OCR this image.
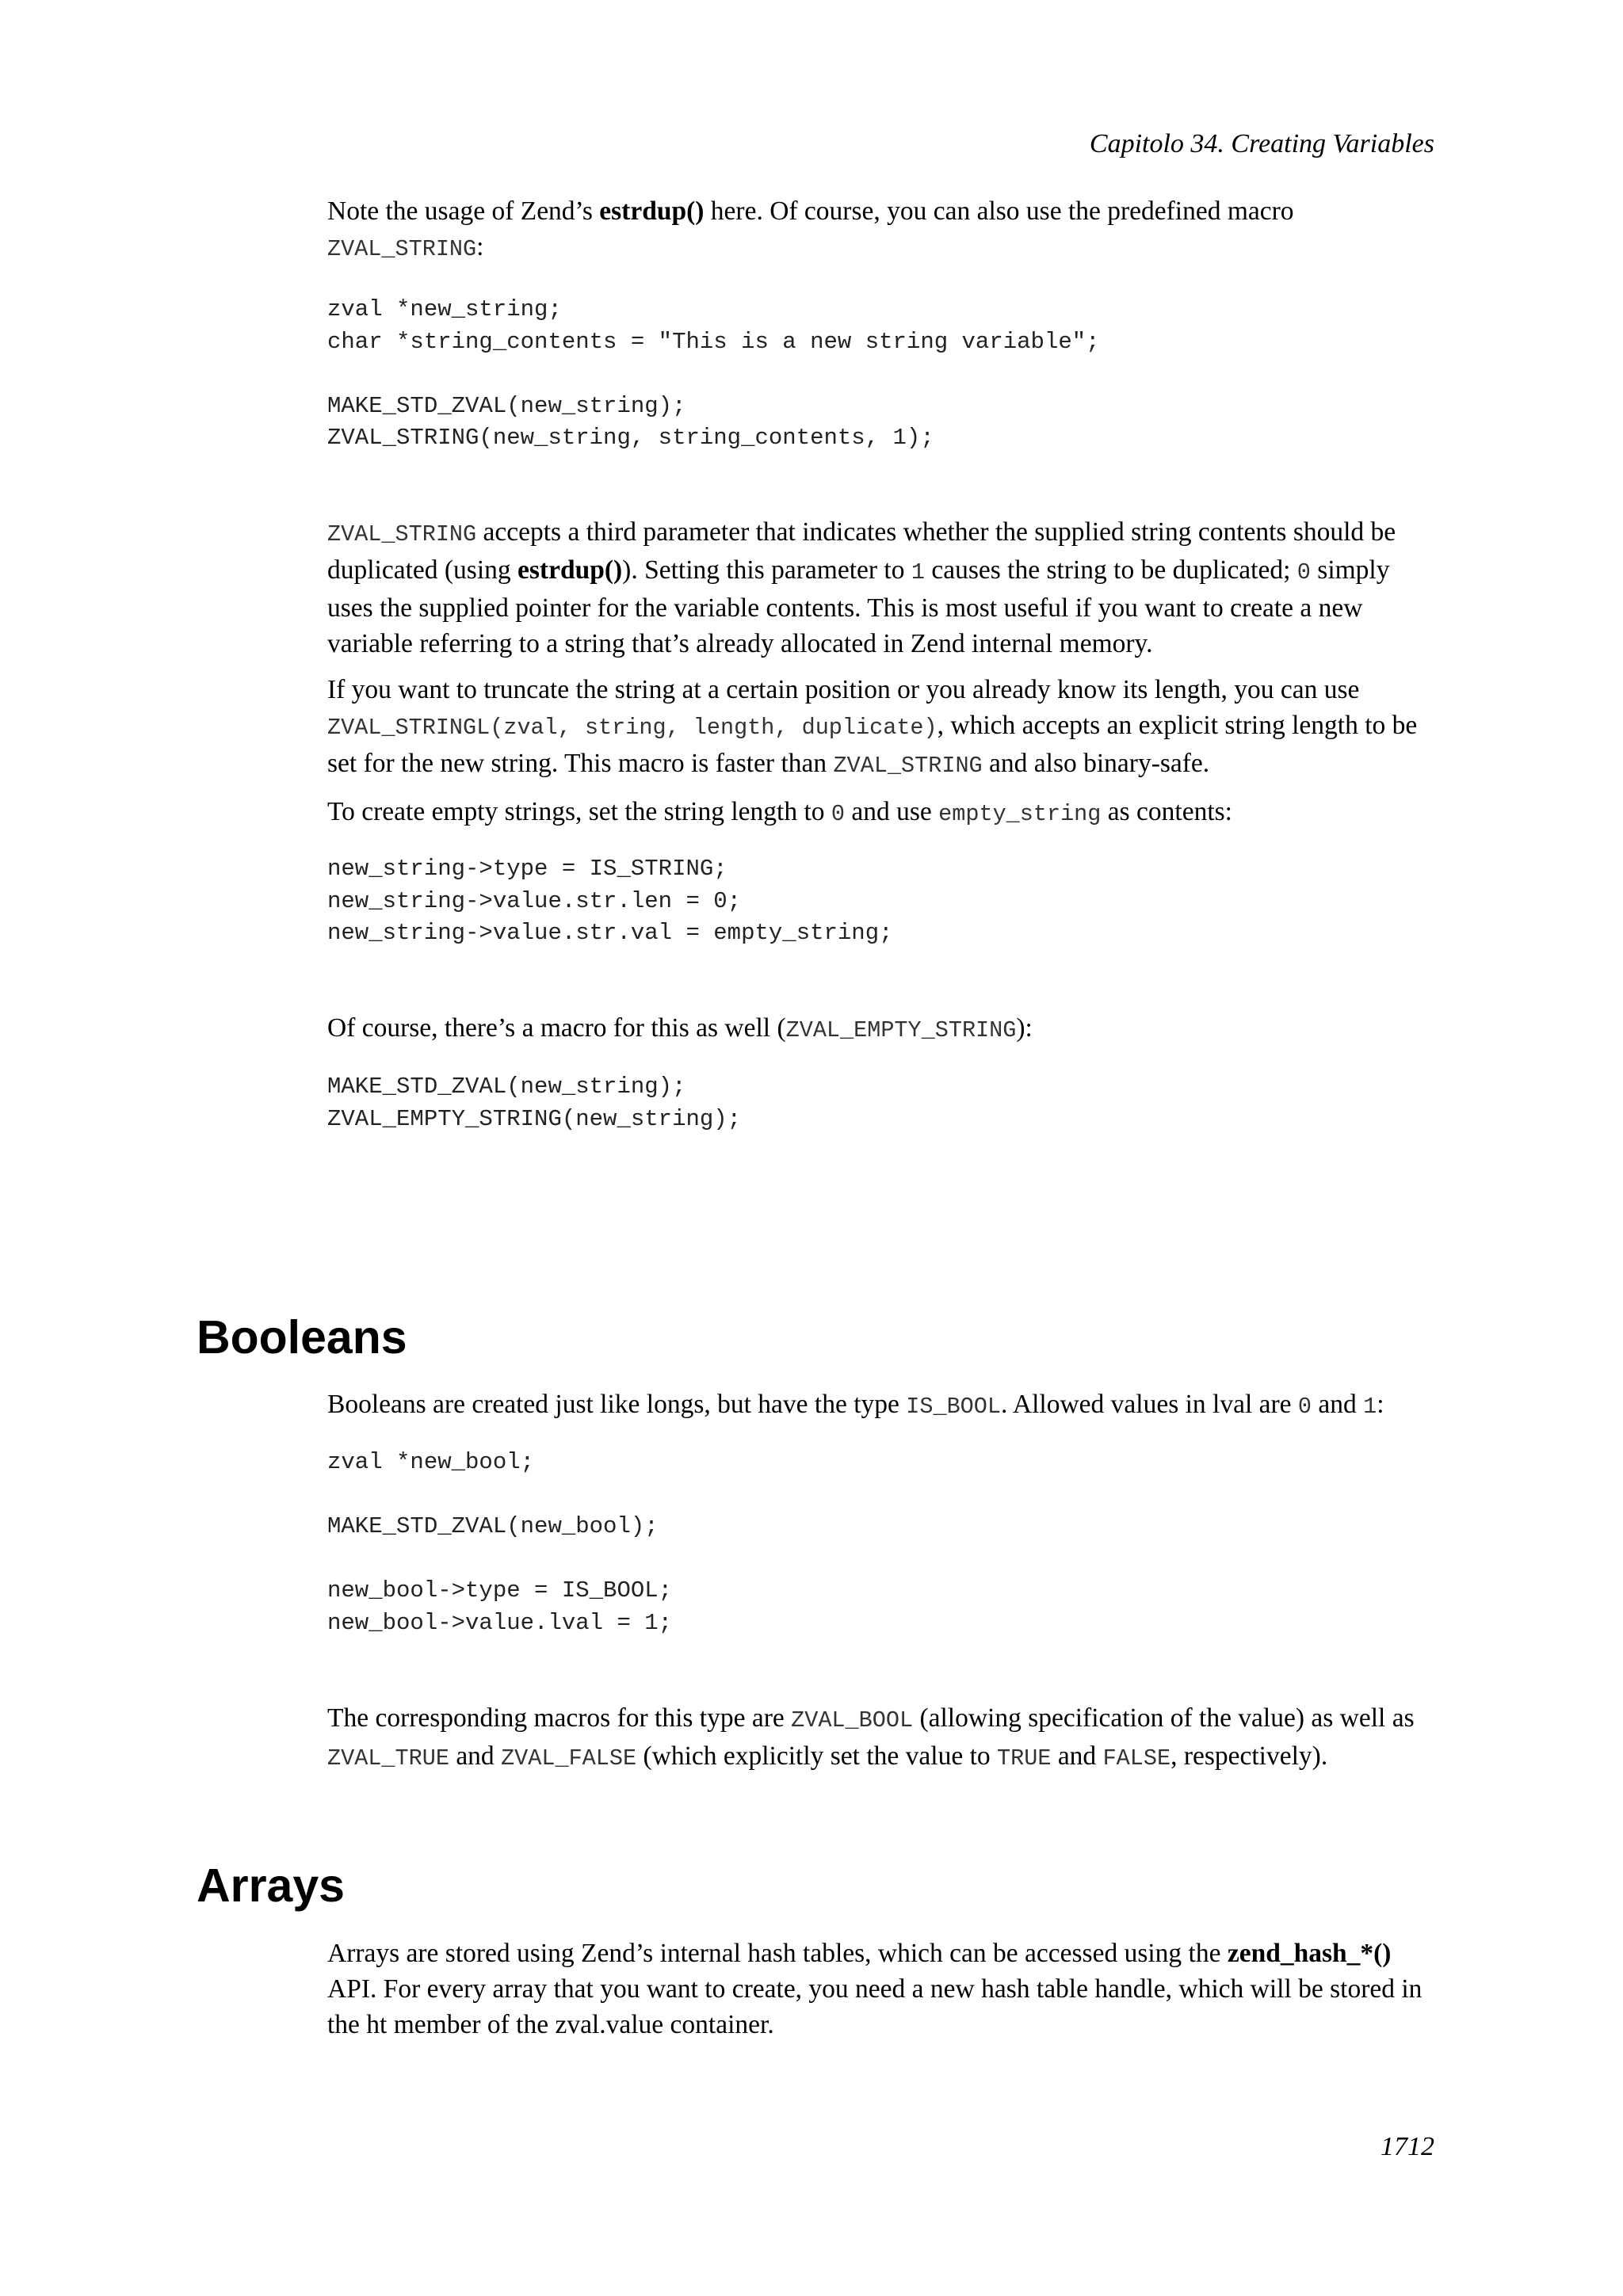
Capitolo 34. Creating Variables

Note the usage of Zend’s estrdup() here. Of course, you can also use the predefined macro
ZVAL_STRING:

zval *new_string;
char *string_contents = "This is a new string variable";
MAKE_STD_ZVAL(new_string);
ZVAL_STRING(new_string, string_contents, 1);

ZVAL_STRING accepts a third parameter that indicates whether the supplied string contents should be duplicated (using estrdup()). Setting this parameter to 1 causes the string to be duplicated; 0 simply uses the supplied pointer for the variable contents. This is most useful if you want to create a new variable referring to a string that’s already allocated in Zend internal memory.

If you want to truncate the string at a certain position or you already know its length, you can use ZVAL_STRINGL(zval, string, length, duplicate), which accepts an explicit string length to be set for the new string. This macro is faster than ZVAL_STRING and also binary-safe.

To create empty strings, set the string length to 0 and use empty_string as contents:

new_string->type = IS_STRING;
new_string->value.str.len = 0;
new_string->value.str.val = empty_string;

Of course, there’s a macro for this as well (ZVAL_EMPTY_STRING):

MAKE_STD_ZVAL(new_string);
ZVAL_EMPTY_STRING(new_string);
Booleans

Booleans are created just like longs, but have the type IS_BOOL. Allowed values in lval are 0 and 1:

zval *new_bool;
MAKE_STD_ZVAL(new_bool);
new_bool->type = IS_BOOL;
new_bool->value.lval = 1;

The corresponding macros for this type are ZVAL_BOOL (allowing specification of the value) as well as ZVAL_TRUE and ZVAL_FALSE (which explicitly set the value to TRUE and FALSE, respectively).

Arrays

Arrays are stored using Zend’s internal hash tables, which can be accessed using the zend_hash_*() API. For every array that you want to create, you need a new hash table handle, which will be stored in the ht member of the zval.value container.

1712
